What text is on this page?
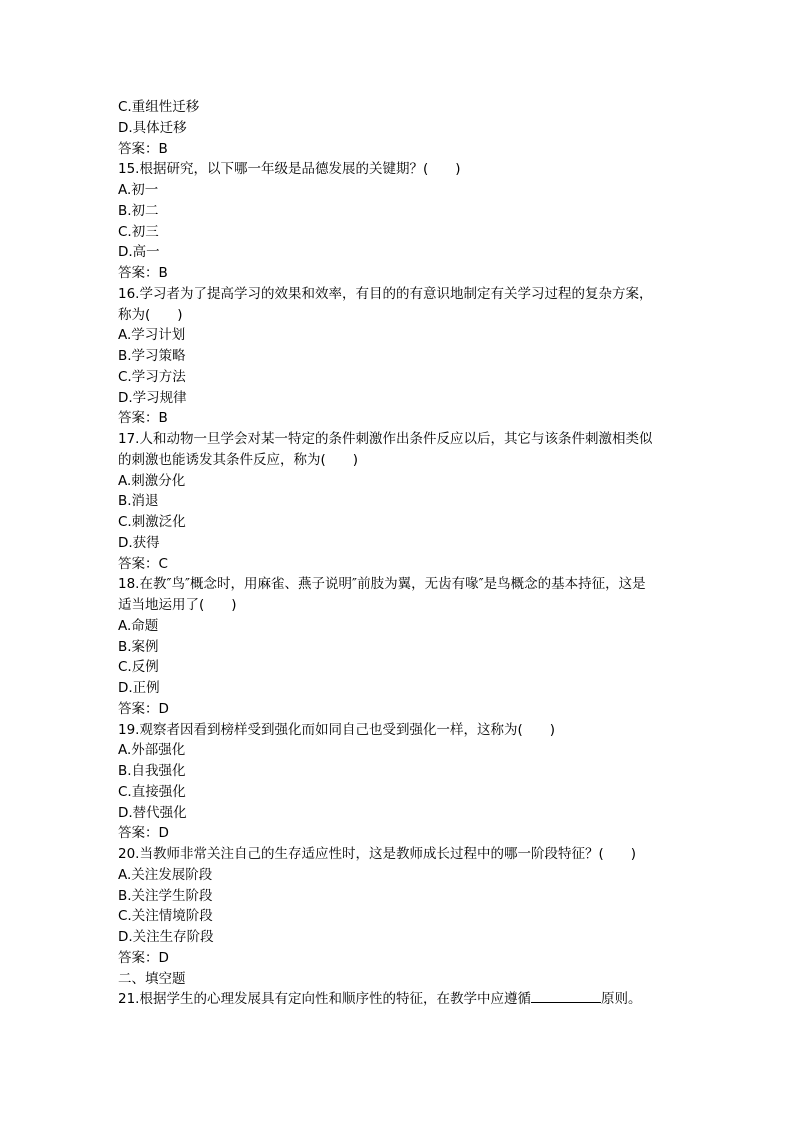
C.重组性迁移
D.具体迁移
答案：B
15.根据研究，以下哪一年级是品德发展的关键期？(　　)
A.初一
B.初二
C.初三
D.高一
答案：B
16.学习者为了提高学习的效果和效率，有目的的有意识地制定有关学习过程的复杂方案，
称为(　　)
A.学习计划
B.学习策略
C.学习方法
D.学习规律
答案：B
17.人和动物一旦学会对某一特定的条件刺激作出条件反应以后，其它与该条件刺激相类似
的刺激也能诱发其条件反应，称为(　　)
A.刺激分化
B.消退
C.刺激泛化
D.获得
答案：C
18.在教″鸟″概念时，用麻雀、燕子说明″前肢为翼，无齿有喙″是鸟概念的基本持征，这是
适当地运用了(　　)
A.命题
B.案例
C.反例
D.正例
答案：D
19.观察者因看到榜样受到强化而如同自己也受到强化一样，这称为(　　)
A.外部强化
B.自我强化
C.直接强化
D.替代强化
答案：D
20.当教师非常关注自己的生存适应性时，这是教师成长过程中的哪一阶段特征？(　　)
A.关注发展阶段
B.关注学生阶段
C.关注情境阶段
D.关注生存阶段
答案：D
二、填空题
21.根据学生的心理发展具有定向性和顺序性的特征，在教学中应遵循	原则。
